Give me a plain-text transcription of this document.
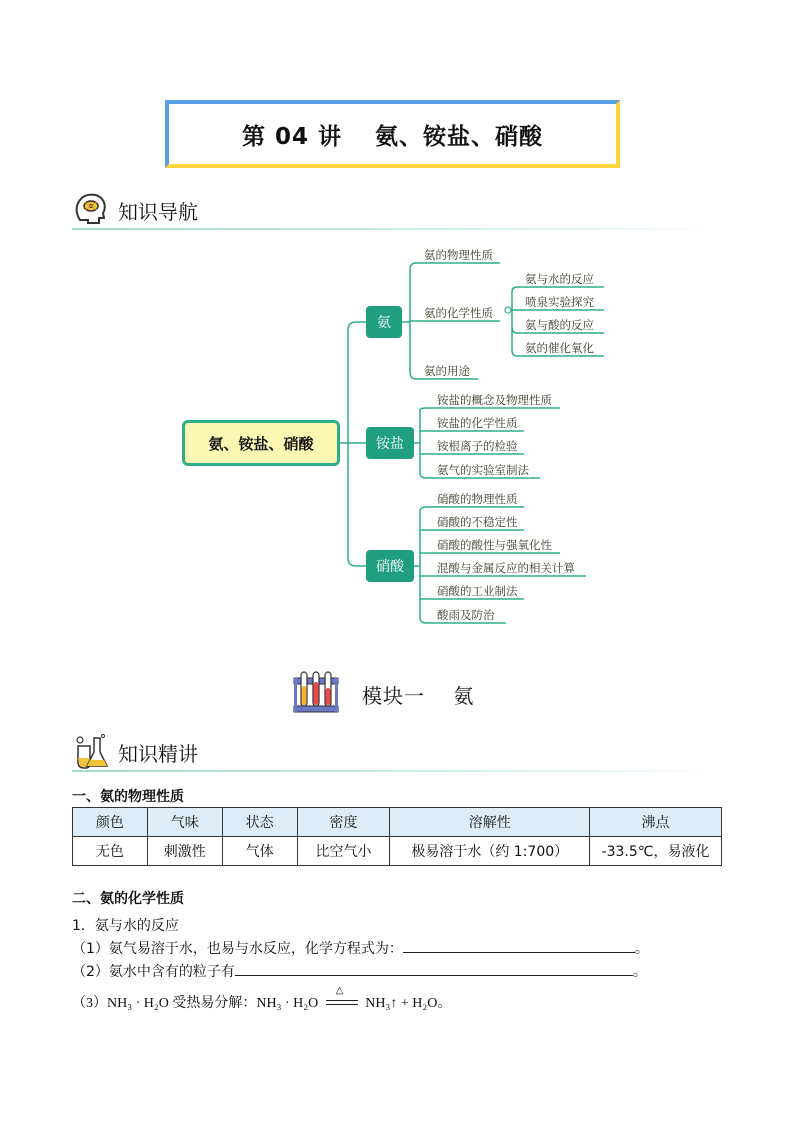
第 04 讲　 氨、铵盐、硝酸
知识导航
氨、铵盐、硝酸
氨
铵盐
硝酸
氨的物理性质
氨的化学性质
氨的用途
氨与水的反应
喷泉实验探究
氨与酸的反应
氨的催化氧化
铵盐的概念及物理性质
铵盐的化学性质
铵根离子的检验
氨气的实验室制法
硝酸的物理性质
硝酸的不稳定性
硝酸的酸性与强氧化性
混酸与金属反应的相关计算
硝酸的工业制法
酸雨及防治
模块一　 氨
知识精讲
一、氨的物理性质
颜色	气味	状态	密度	溶解性	沸点
无色	刺激性	气体	比空气小	极易溶于水（约 1:700）	-33.5℃，易液化
二、氨的化学性质
1．氨与水的反应
（1）氨气易溶于水，也易与水反应，化学方程式为：	。
（2）氨水中含有的粒子有	。
（3）NH₃ · H₂O 受热易分解：NH₃ · H₂O
△
NH₃↑ + H₂O。
